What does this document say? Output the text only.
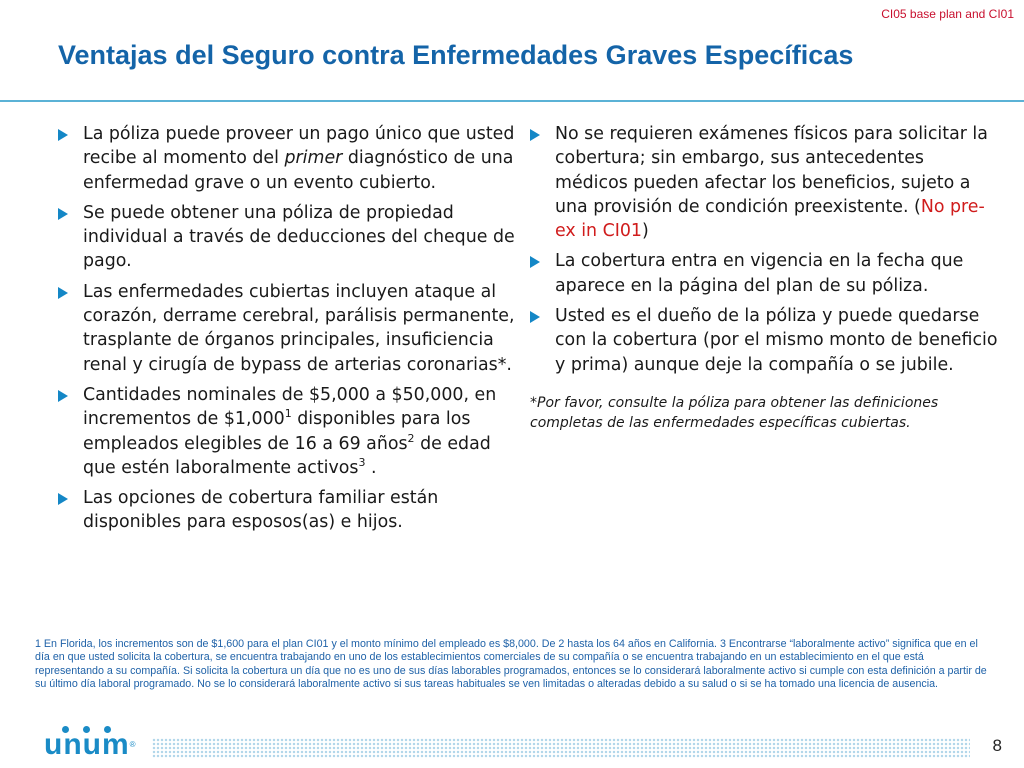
CI05 base plan and CI01
Ventajas del Seguro contra Enfermedades Graves Específicas
La póliza puede proveer un pago único que usted recibe al momento del primer diagnóstico de una enfermedad grave o un evento cubierto.
Se puede obtener una póliza de propiedad individual a través de deducciones del cheque de pago.
Las enfermedades cubiertas incluyen ataque al corazón, derrame cerebral, parálisis permanente, trasplante de órganos principales, insuficiencia renal y cirugía de bypass de arterias coronarias*.
Cantidades nominales de $5,000 a $50,000, en incrementos de $1,000$^1$ disponibles para los empleados elegibles de 16 a 69 años$^2$ de edad que estén laboralmente activos$^3$ .
Las opciones de cobertura familiar están disponibles para esposos(as) e hijos.
No se requieren exámenes físicos para solicitar la cobertura; sin embargo, sus antecedentes médicos pueden afectar los beneficios, sujeto a una provisión de condición preexistente. (No pre-ex in CI01)
La cobertura entra en vigencia en la fecha que aparece en la página del plan de su póliza.
Usted es el dueño de la póliza y puede quedarse con la cobertura (por el mismo monto de beneficio y prima) aunque deje la compañía o se jubile.

*Por favor, consulte la póliza para obtener las definiciones completas de las enfermedades específicas cubiertas.

1 En Florida, los incrementos son de $1,600 para el plan CI01 y el monto mínimo del empleado es $8,000. De 2 hasta los 64 años en California. 3 Encontrarse “laboralmente activo” significa que en el día en que usted solicita la cobertura, se encuentra trabajando en uno de los establecimientos comerciales de su compañía o se encuentra trabajando en un establecimiento en el que está representando a su compañía. Si solicita la cobertura un día que no es uno de sus días laborables programados, entonces se lo considerará laboralmente activo si cumple con esta definición a partir de su último día laboral programado. No se lo considerará laboralmente activo si sus tareas habituales se ven limitadas o alteradas debido a su salud o si se ha tomado una licencia de ausencia.

unum®	8
